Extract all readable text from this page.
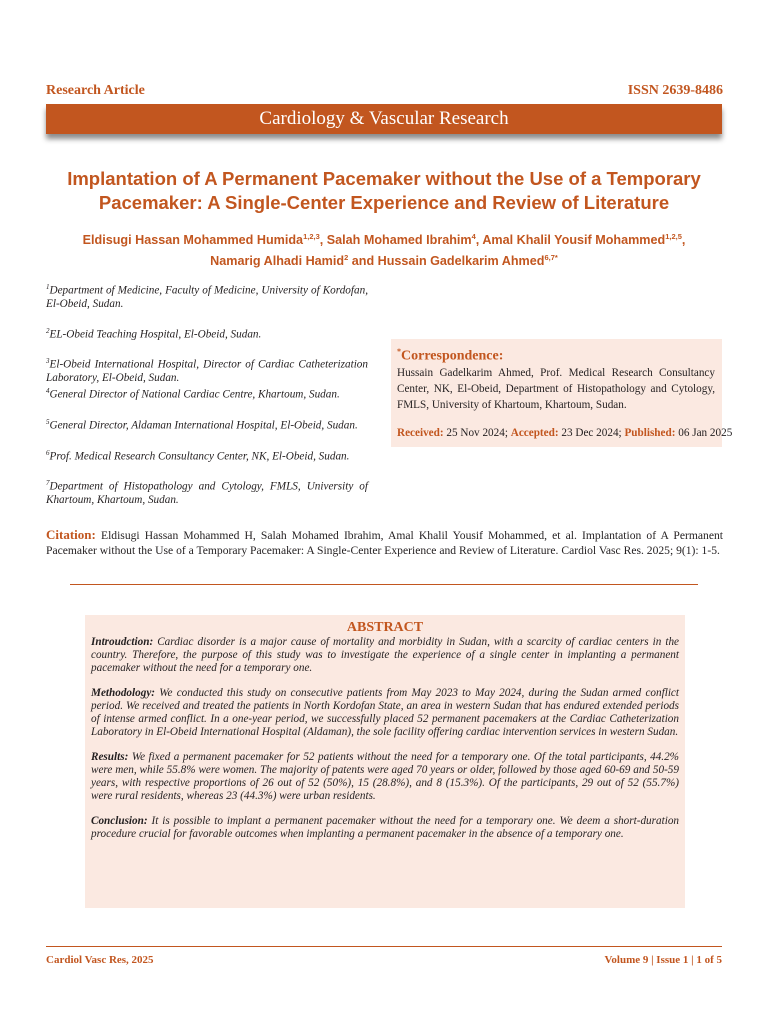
Research Article	ISSN 2639-8486
Cardiology & Vascular Research
Implantation of A Permanent Pacemaker without the Use of a Temporary
Pacemaker: A Single-Center Experience and Review of Literature
Eldisugi Hassan Mohammed Humida$^{1,2,3}$, Salah Mohamed Ibrahim$^4$, Amal Khalil Yousif Mohammed$^{1,2,5}$,
Namarig Alhadi Hamid$^2$ and Hussain Gadelkarim Ahmed$^{6,7*}$

$^1$Department of Medicine, Faculty of Medicine, University of Kordofan, El-Obeid, Sudan.

$^2$EL-Obeid Teaching Hospital, El-Obeid, Sudan.

$^3$El-Obeid International Hospital, Director of Cardiac Catheterization Laboratory, El-Obeid, Sudan.

$^4$General Director of National Cardiac Centre, Khartoum, Sudan.

$^5$General Director, Aldaman International Hospital, El-Obeid, Sudan.

$^6$Prof. Medical Research Consultancy Center, NK, El-Obeid, Sudan.

$^7$Department of Histopathology and Cytology, FMLS, University of Khartoum, Khartoum, Sudan.

*Correspondence:
Hussain Gadelkarim Ahmed, Prof. Medical Research Consultancy Center, NK, El-Obeid, Department of Histopathology and Cytology, FMLS, University of Khartoum, Khartoum, Sudan.
Received: 25 Nov 2024; Accepted: 23 Dec 2024; Published: 06 Jan 2025
Citation: Eldisugi Hassan Mohammed H, Salah Mohamed Ibrahim, Amal Khalil Yousif Mohammed, et al. Implantation of A Permanent Pacemaker without the Use of a Temporary Pacemaker: A Single-Center Experience and Review of Literature. Cardiol Vasc Res. 2025; 9(1): 1-5.
ABSTRACT

Introudction: Cardiac disorder is a major cause of mortality and morbidity in Sudan, with a scarcity of cardiac centers in the country. Therefore, the purpose of this study was to investigate the experience of a single center in implanting a permanent pacemaker without the need for a temporary one.

Methodology: We conducted this study on consecutive patients from May 2023 to May 2024, during the Sudan armed conflict period. We received and treated the patients in North Kordofan State, an area in western Sudan that has endured extended periods of intense armed conflict. In a one-year period, we successfully placed 52 permanent pacemakers at the Cardiac Catheterization Laboratory in El-Obeid International Hospital (Aldaman), the sole facility offering cardiac intervention services in western Sudan.

Results: We fixed a permanent pacemaker for 52 patients without the need for a temporary one. Of the total participants, 44.2% were men, while 55.8% were women. The majority of patents were aged 70 years or older, followed by those aged 60-69 and 50-59 years, with respective proportions of 26 out of 52 (50%), 15 (28.8%), and 8 (15.3%). Of the participants, 29 out of 52 (55.7%) were rural residents, whereas 23 (44.3%) were urban residents.

Conclusion: It is possible to implant a permanent pacemaker without the need for a temporary one. We deem a short-duration procedure crucial for favorable outcomes when implanting a permanent pacemaker in the absence of a temporary one.

Cardiol Vasc Res, 2025	Volume 9 | Issue 1 | 1 of 5
